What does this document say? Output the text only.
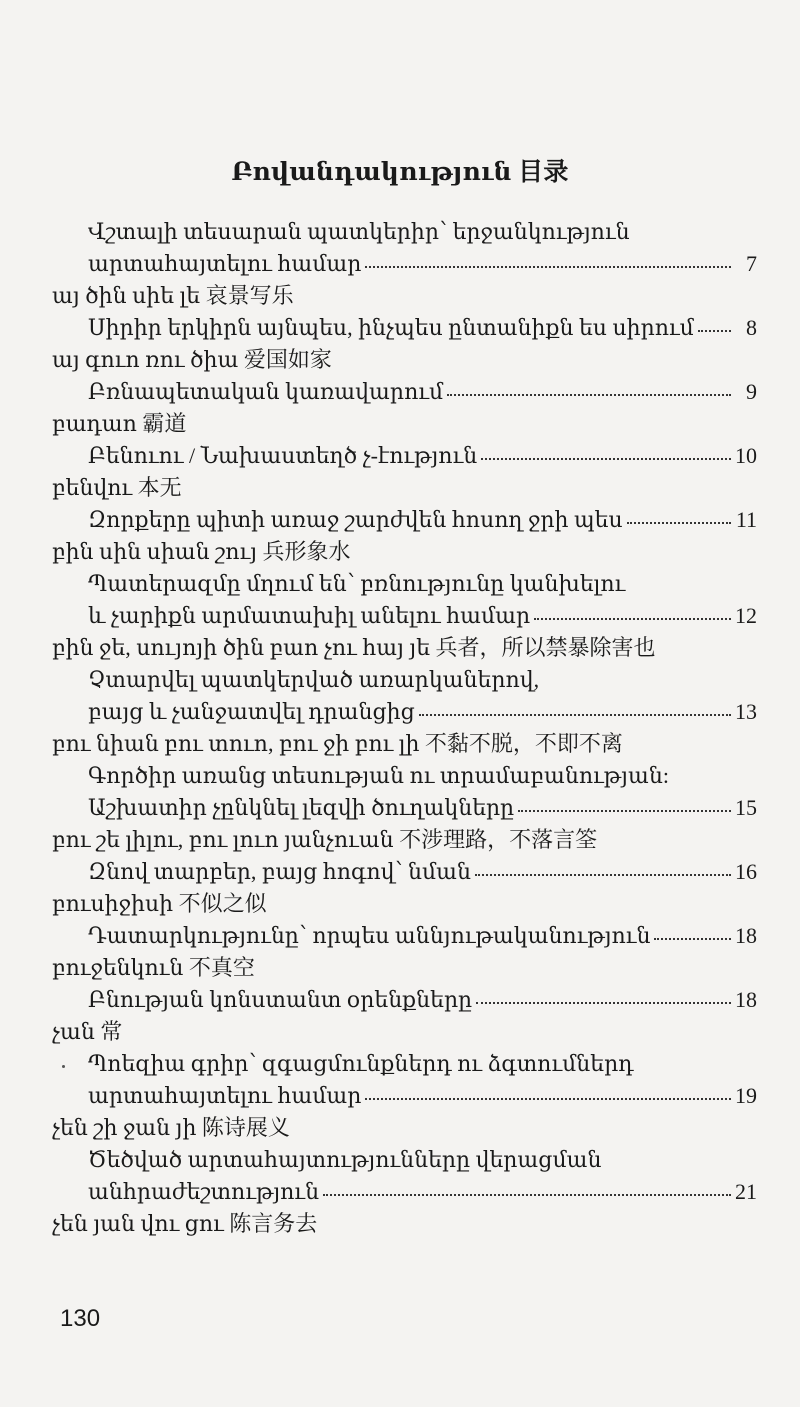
Բովանդակություն 目录
Վշտալի տեսարան պատկերիր՝ երջանկություն
արտահայտելու համար	7
այ ծին սիե լե 哀景写乐
Սիրիր երկիրն այնպես, ինչպես ընտանիքն ես սիրում	8
այ գուո ռու ծիա 爱国如家
Բռնապետական կառավարում	9
բադաո 霸道
Բենուու / Նախաստեղծ չ-էություն	10
բենվու 本无
Զորքերը պիտի առաջ շարժվեն հոսող ջրի պես	11
բին սին սիան շույ 兵形象水
Պատերազմը մղում են՝ բռնությունը կանխելու
և չարիքն արմատախիլ անելու համար	12
բին ջե, սույոյի ծին բաո չու հայ յե 兵者，所以禁暴除害也
Չտարվել պատկերված առարկաներով,
բայց և չանջատվել դրանցից	13
բու նիան բու տուո, բու ջի բու լի 不黏不脱，不即不离
Գործիր առանց տեսության ու տրամաբանության:
Աշխատիր չընկնել լեզվի ծուղակները	15
բու շե լիլու, բու լուո յանչուան 不涉理路，不落言筌
Զնով տարբեր, բայց հոգով՝ նման	16
բուսիջիսի 不似之似
Դատարկությունը՝ որպես աննյութականություն	18
բուջենկուն 不真空
Բնության կոնստանտ օրենքները	18
չան 常
Պոեզիա գրիր՝ զգացմունքներդ ու ձգտումներդ
արտահայտելու համար	19
չեն շի ջան յի 陈诗展义
Ծեծված արտահայտությունները վերացման
անհրաժեշտություն	21
չեն յան վու ցու 陈言务去
130
